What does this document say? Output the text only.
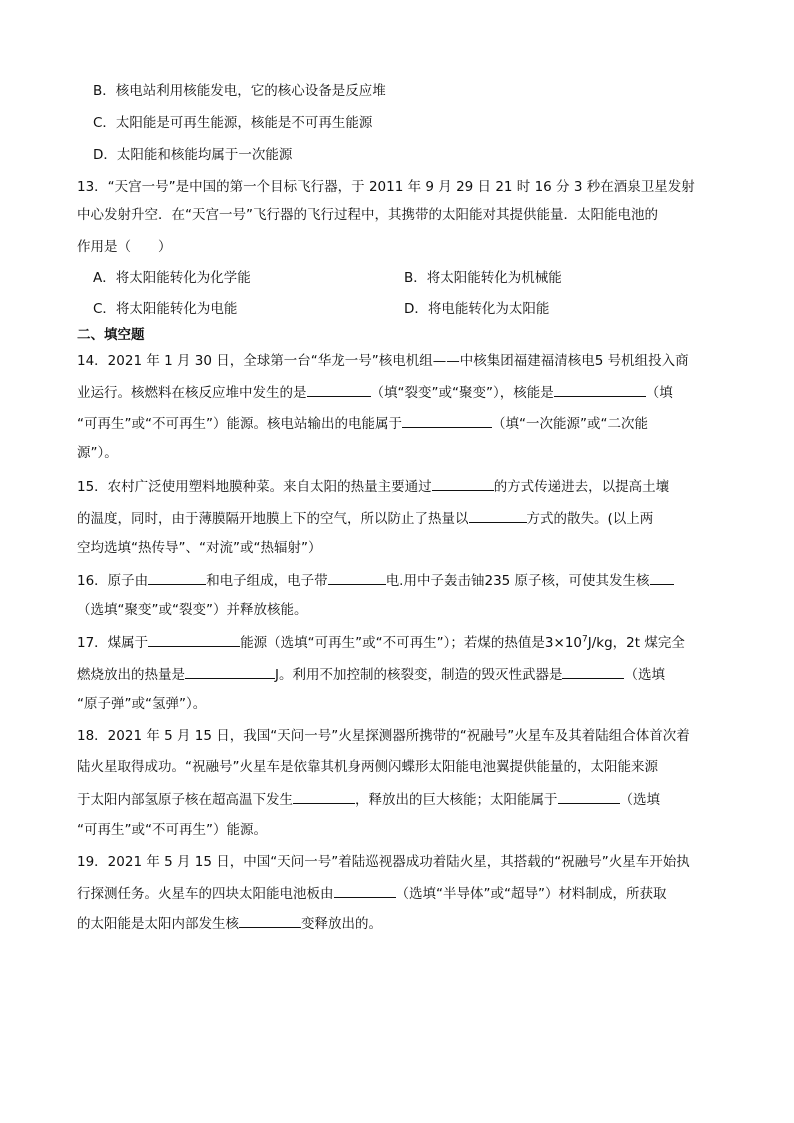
B．核电站利用核能发电，它的核心设备是反应堆
C．太阳能是可再生能源，核能是不可再生能源
D．太阳能和核能均属于一次能源
13．“天宫一号”是中国的第一个目标飞行器，于 2011 年 9 月 29 日 21 时 16 分 3 秒在酒泉卫星发射
中心发射升空．在“天宫一号”飞行器的飞行过程中，其携带的太阳能对其提供能量．太阳能电池的
作用是（　　）
A．将太阳能转化为化学能	B．将太阳能转化为机械能
C．将太阳能转化为电能	D．将电能转化为太阳能
二、填空题
14．2021 年 1 月 30 日，全球第一台“华龙一号”核电机组——中核集团福建福清核电5 号机组投入商
业运行。核燃料在核反应堆中发生的是	（填“裂变”或“聚变”），核能是	（填
“可再生”或“不可再生”）能源。核电站输出的电能属于	（填“一次能源”或“二次能
源”）。
15．农村广泛使用塑料地膜种菜。来自太阳的热量主要通过	的方式传递进去，以提高土壤
的温度，同时，由于薄膜隔开地膜上下的空气，所以防止了热量以	方式的散失。(以上两
空均选填“热传导”、“对流”或“热辐射”）
16．原子由	和电子组成，电子带	电.用中子轰击铀235 原子核，可使其发生核
（选填“聚变”或“裂变”）并释放核能。
17．煤属于	能源（选填“可再生”或“不可再生”）；若煤的热值是$3\times 10^7J/kg$，2t 煤完全
燃烧放出的热量是	J。利用不加控制的核裂变，制造的毁灭性武器是	（选填
“原子弹”或“氢弹”）。
18．2021 年 5 月 15 日，我国“天问一号”火星探测器所携带的“祝融号”火星车及其着陆组合体首次着
陆火星取得成功。“祝融号”火星车是依靠其机身两侧闪蝶形太阳能电池翼提供能量的，太阳能来源
于太阳内部氢原子核在超高温下发生	，释放出的巨大核能；太阳能属于	（选填
“可再生”或“不可再生”）能源。
19．2021 年 5 月 15 日，中国“天问一号”着陆巡视器成功着陆火星，其搭载的“祝融号”火星车开始执
行探测任务。火星车的四块太阳能电池板由	（选填“半导体”或“超导”）材料制成，所获取
的太阳能是太阳内部发生核	变释放出的。
